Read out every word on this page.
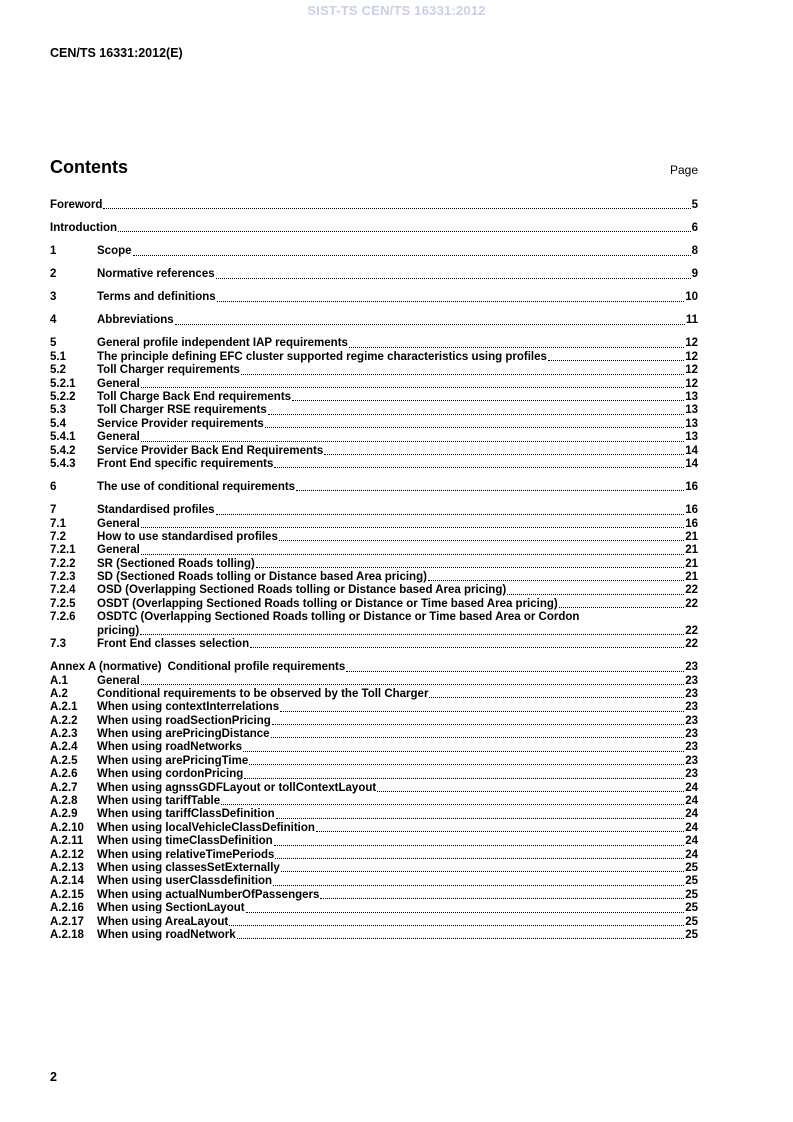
SIST-TS CEN/TS 16331:2012
CEN/TS 16331:2012(E)
Contents	Page
Foreword	5
Introduction	6
1	Scope	8
2	Normative references	9
3	Terms and definitions	10
4	Abbreviations	11
5	General profile independent IAP requirements	12
5.1	The principle defining EFC cluster supported regime characteristics using profiles	12
5.2	Toll Charger requirements	12
5.2.1	General	12
5.2.2	Toll Charge Back End requirements	13
5.3	Toll Charger RSE requirements	13
5.4	Service Provider requirements	13
5.4.1	General	13
5.4.2	Service Provider Back End Requirements	14
5.4.3	Front End specific requirements	14
6	The use of conditional requirements	16
7	Standardised profiles	16
7.1	General	16
7.2	How to use standardised profiles	21
7.2.1	General	21
7.2.2	SR (Sectioned Roads tolling)	21
7.2.3	SD (Sectioned Roads tolling or Distance based Area pricing)	21
7.2.4	OSD (Overlapping Sectioned Roads tolling or Distance based Area pricing)	22
7.2.5	OSDT (Overlapping Sectioned Roads tolling or Distance or Time based Area pricing)	22
7.2.6	OSDTC (Overlapping Sectioned Roads tolling or Distance or Time based Area or Cordon
pricing)	22
7.3	Front End classes selection	22
Annex A (normative) Conditional profile requirements	23
A.1	General	23
A.2	Conditional requirements to be observed by the Toll Charger	23
A.2.1	When using contextInterrelations	23
A.2.2	When using roadSectionPricing	23
A.2.3	When using arePricingDistance	23
A.2.4	When using roadNetworks	23
A.2.5	When using arePricingTime	23
A.2.6	When using cordonPricing	23
A.2.7	When using agnssGDFLayout or tollContextLayout	24
A.2.8	When using tariffTable	24
A.2.9	When using tariffClassDefinition	24
A.2.10	When using localVehicleClassDefinition	24
A.2.11	When using timeClassDefinition	24
A.2.12	When using relativeTimePeriods	24
A.2.13	When using classesSetExternally	25
A.2.14	When using userClassdefinition	25
A.2.15	When using actualNumberOfPassengers	25
A.2.16	When using SectionLayout	25
A.2.17	When using AreaLayout	25
A.2.18	When using roadNetwork	25
2
